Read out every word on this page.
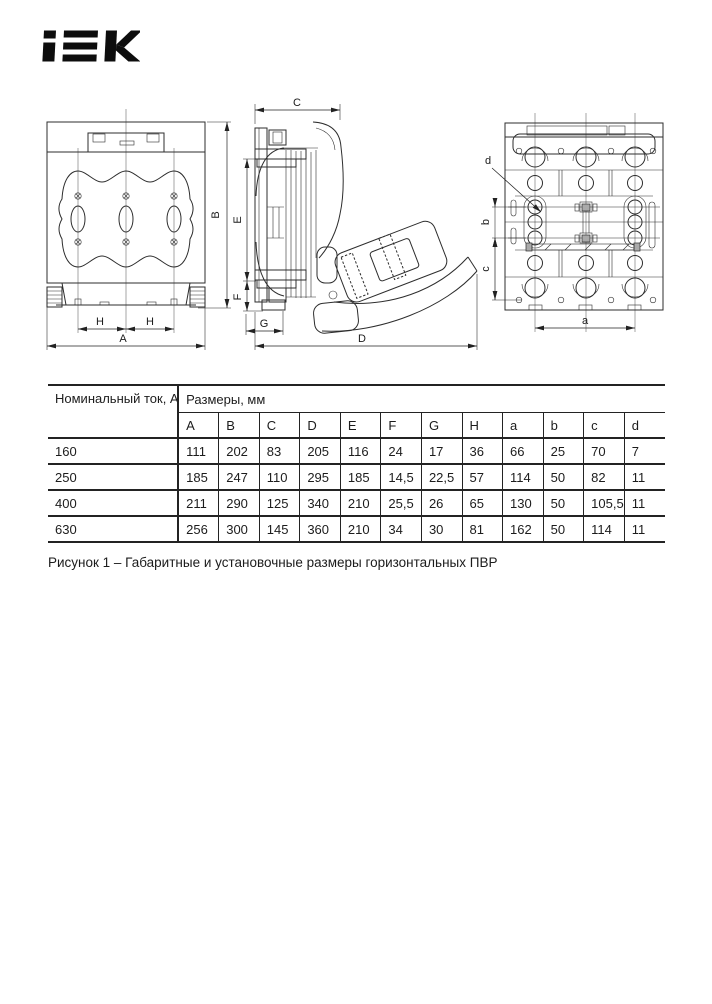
H	H
A
B
C
E
F
G
D
d
b
c
a
Номинальный ток, А	Размеры, мм											
	A	B	C	D	E	F	G	H	a	b	c	d
160	111	202	83	205	116	24	17	36	66	25	70	7
250	185	247	110	295	185	14,5	22,5	57	114	50	82	11
400	211	290	125	340	210	25,5	26	65	130	50	105,5	11
630	256	300	145	360	210	34	30	81	162	50	114	11

Рисунок 1 – Габаритные и установочные размеры горизонтальных ПВР
